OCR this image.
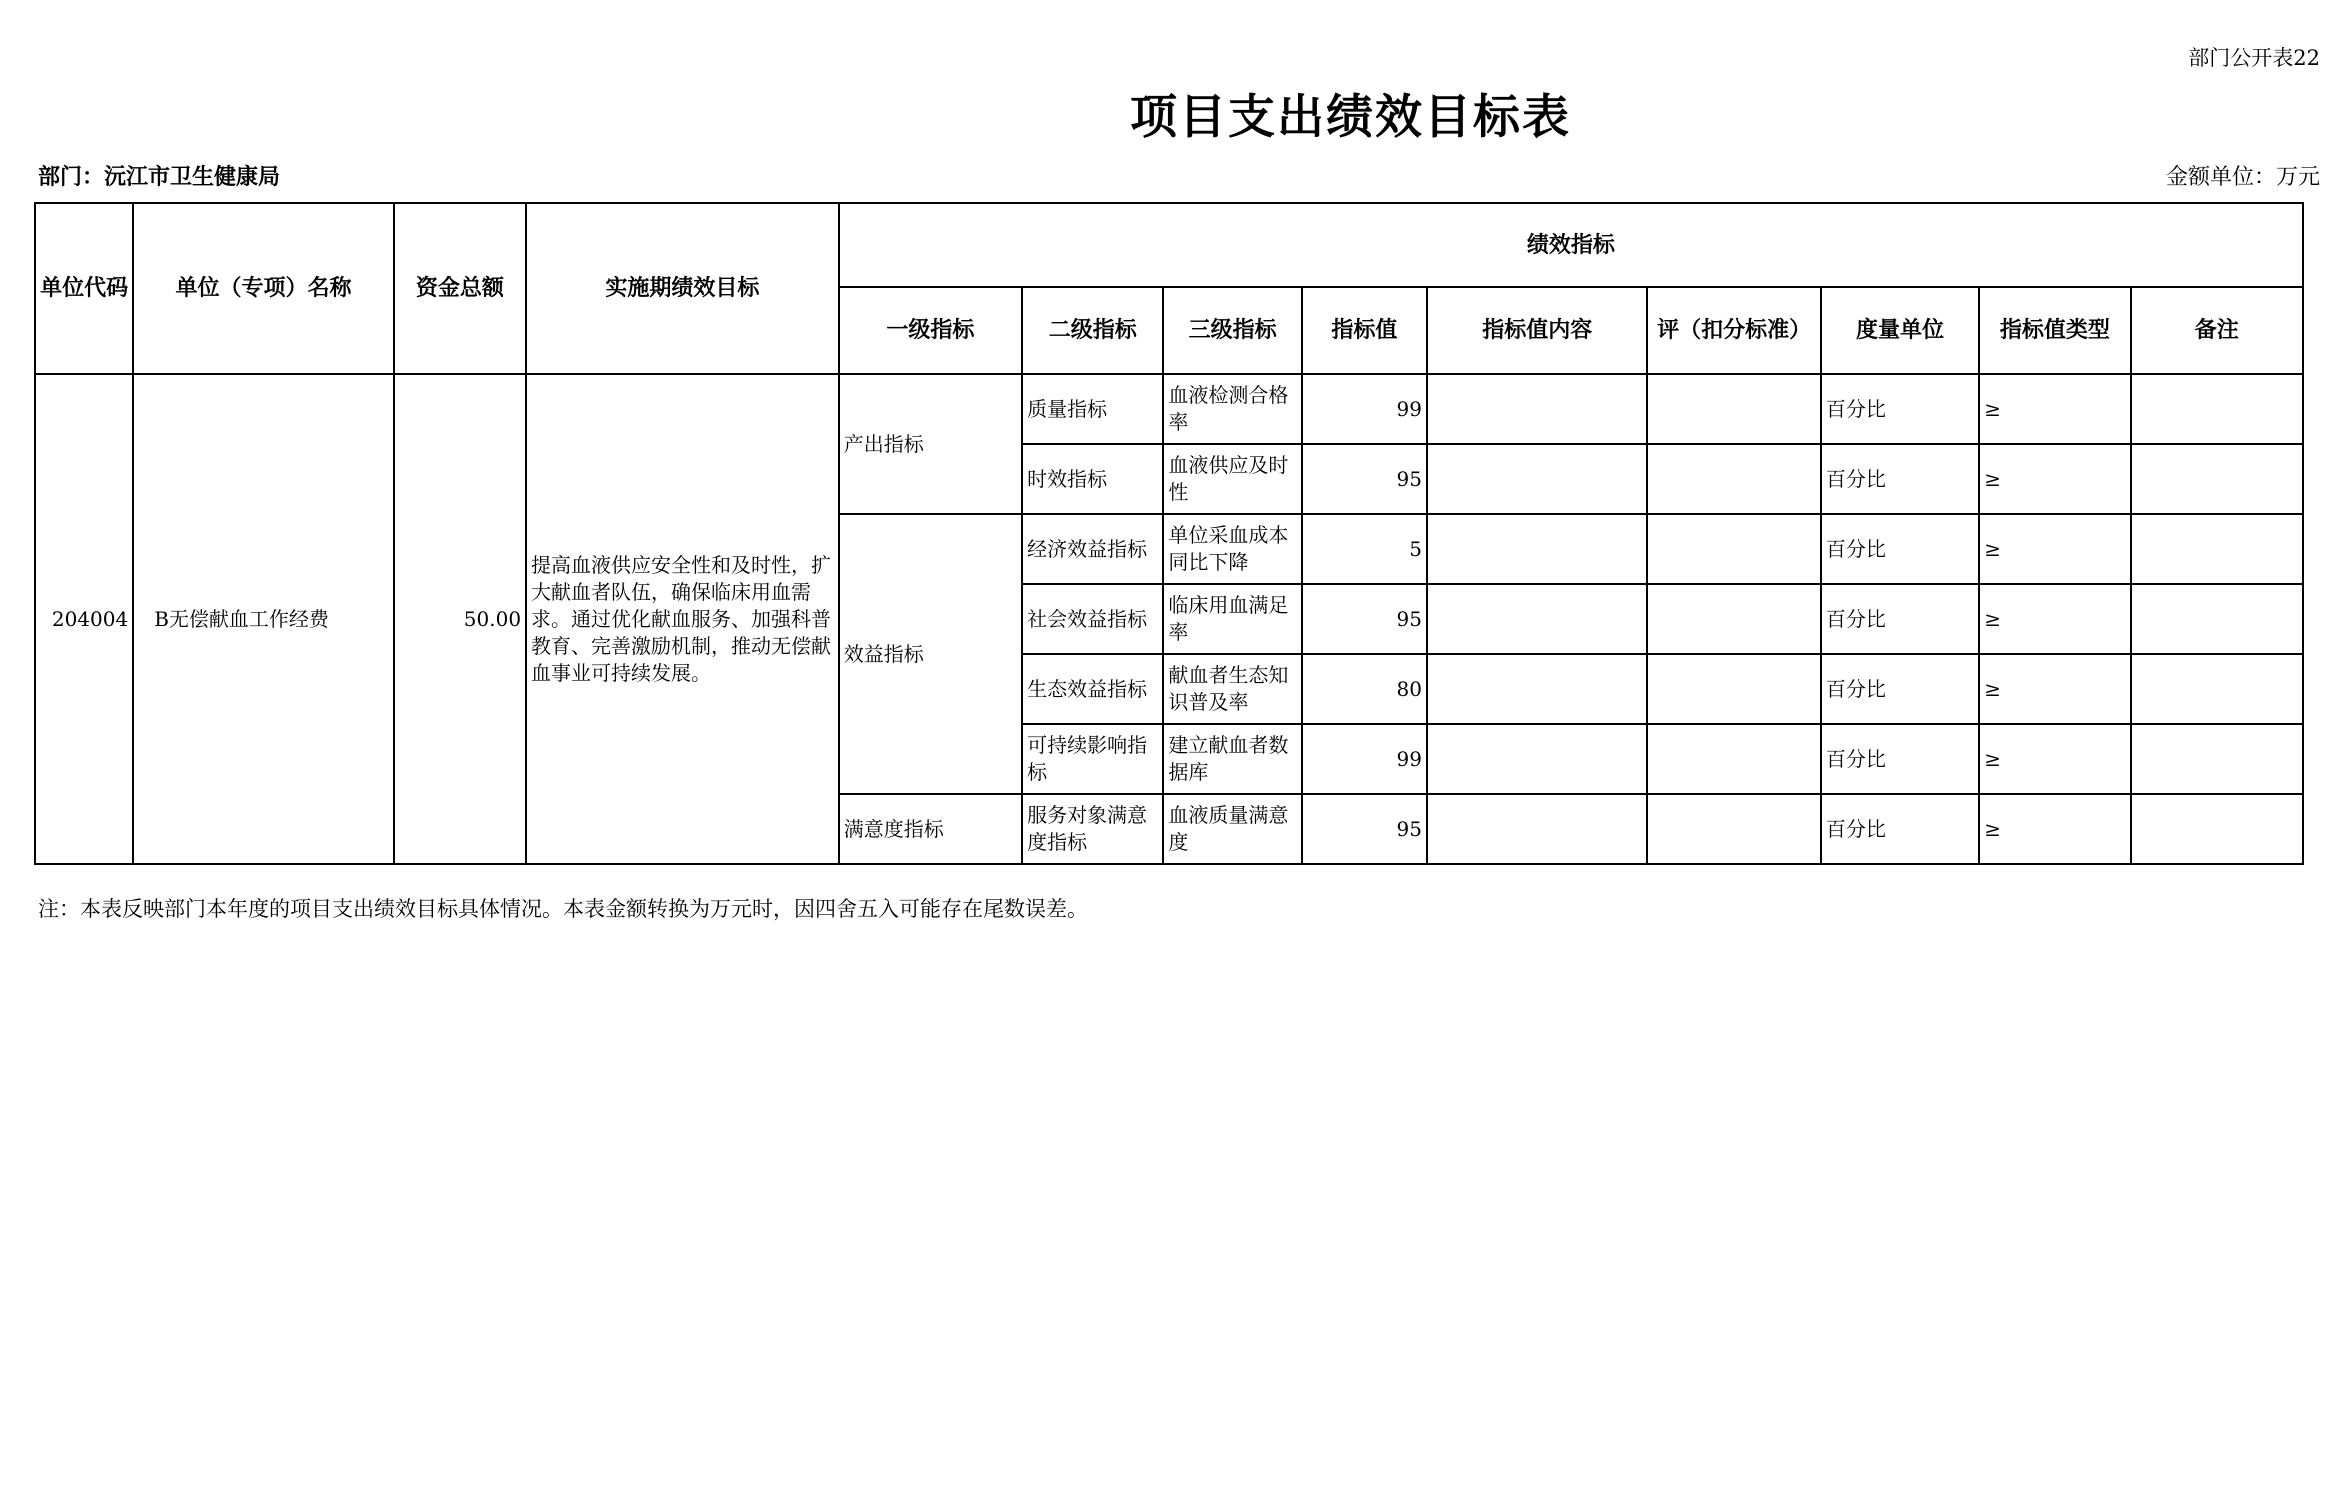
部门公开表22
项目支出绩效目标表
部门：沅江市卫生健康局	金额单位：万元
单位代码	单位（专项）名称	资金总额	实施期绩效目标	绩效指标								
				一级指标	二级指标	三级指标	指标值	指标值内容	评（扣分标准）	度量单位	指标值类型	备注
204004	B无偿献血工作经费	50.00	提高血液供应安全性和及时性，扩大献血者队伍，确保临床用血需求。通过优化献血服务、加强科普教育、完善激励机制，推动无偿献血事业可持续发展。	产出指标	质量指标	血液检测合格率	99			百分比	≥	
					时效指标	血液供应及时性	95			百分比	≥	
				效益指标	经济效益指标	单位采血成本同比下降	5			百分比	≥	
					社会效益指标	临床用血满足率	95			百分比	≥	
					生态效益指标	献血者生态知识普及率	80			百分比	≥	
					可持续影响指标	建立献血者数据库	99			百分比	≥	
				满意度指标	服务对象满意度指标	血液质量满意度	95			百分比	≥	
注：本表反映部门本年度的项目支出绩效目标具体情况。本表金额转换为万元时，因四舍五入可能存在尾数误差。
